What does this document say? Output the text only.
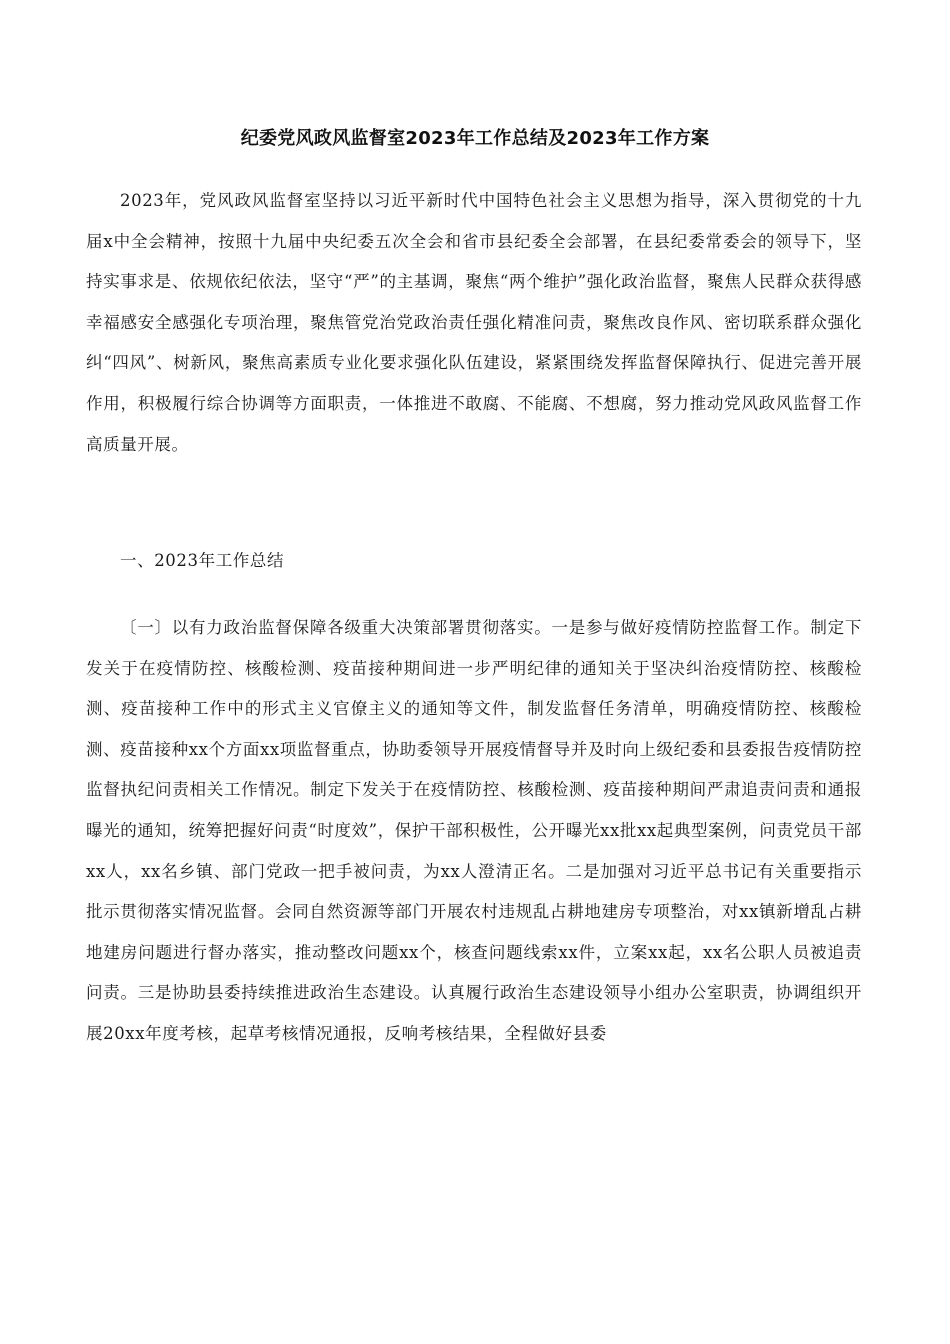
纪委党风政风监督室2023年工作总结及2023年工作方案

2023年，党风政风监督室坚持以习近平新时代中国特色社会主义思想为指导，深入贯彻党的十九届x中全会精神，按照十九届中央纪委五次全会和省市县纪委全会部署，在县纪委常委会的领导下，坚持实事求是、依规依纪依法，坚守“严”的主基调，聚焦“两个维护”强化政治监督，聚焦人民群众获得感幸福感安全感强化专项治理，聚焦管党治党政治责任强化精准问责，聚焦改良作风、密切联系群众强化纠“四风”、树新风，聚焦高素质专业化要求强化队伍建设，紧紧围绕发挥监督保障执行、促进完善开展作用，积极履行综合协调等方面职责，一体推进不敢腐、不能腐、不想腐，努力推动党风政风监督工作高质量开展。

一、2023年工作总结

〔一〕以有力政治监督保障各级重大决策部署贯彻落实。一是参与做好疫情防控监督工作。制定下发关于在疫情防控、核酸检测、疫苗接种期间进一步严明纪律的通知关于坚决纠治疫情防控、核酸检测、疫苗接种工作中的形式主义官僚主义的通知等文件，制发监督任务清单，明确疫情防控、核酸检测、疫苗接种xx个方面xx项监督重点，协助委领导开展疫情督导并及时向上级纪委和县委报告疫情防控监督执纪问责相关工作情况。制定下发关于在疫情防控、核酸检测、疫苗接种期间严肃追责问责和通报曝光的通知，统筹把握好问责“时度效”，保护干部积极性，公开曝光xx批xx起典型案例，问责党员干部xx人，xx名乡镇、部门党政一把手被问责，为xx人澄清正名。二是加强对习近平总书记有关重要指示批示贯彻落实情况监督。会同自然资源等部门开展农村违规乱占耕地建房专项整治，对xx镇新增乱占耕地建房问题进行督办落实，推动整改问题xx个，核查问题线索xx件，立案xx起，xx名公职人员被追责问责。三是协助县委持续推进政治生态建设。认真履行政治生态建设领导小组办公室职责，协调组织开展20xx年度考核，起草考核情况通报，反响考核结果，全程做好县委
